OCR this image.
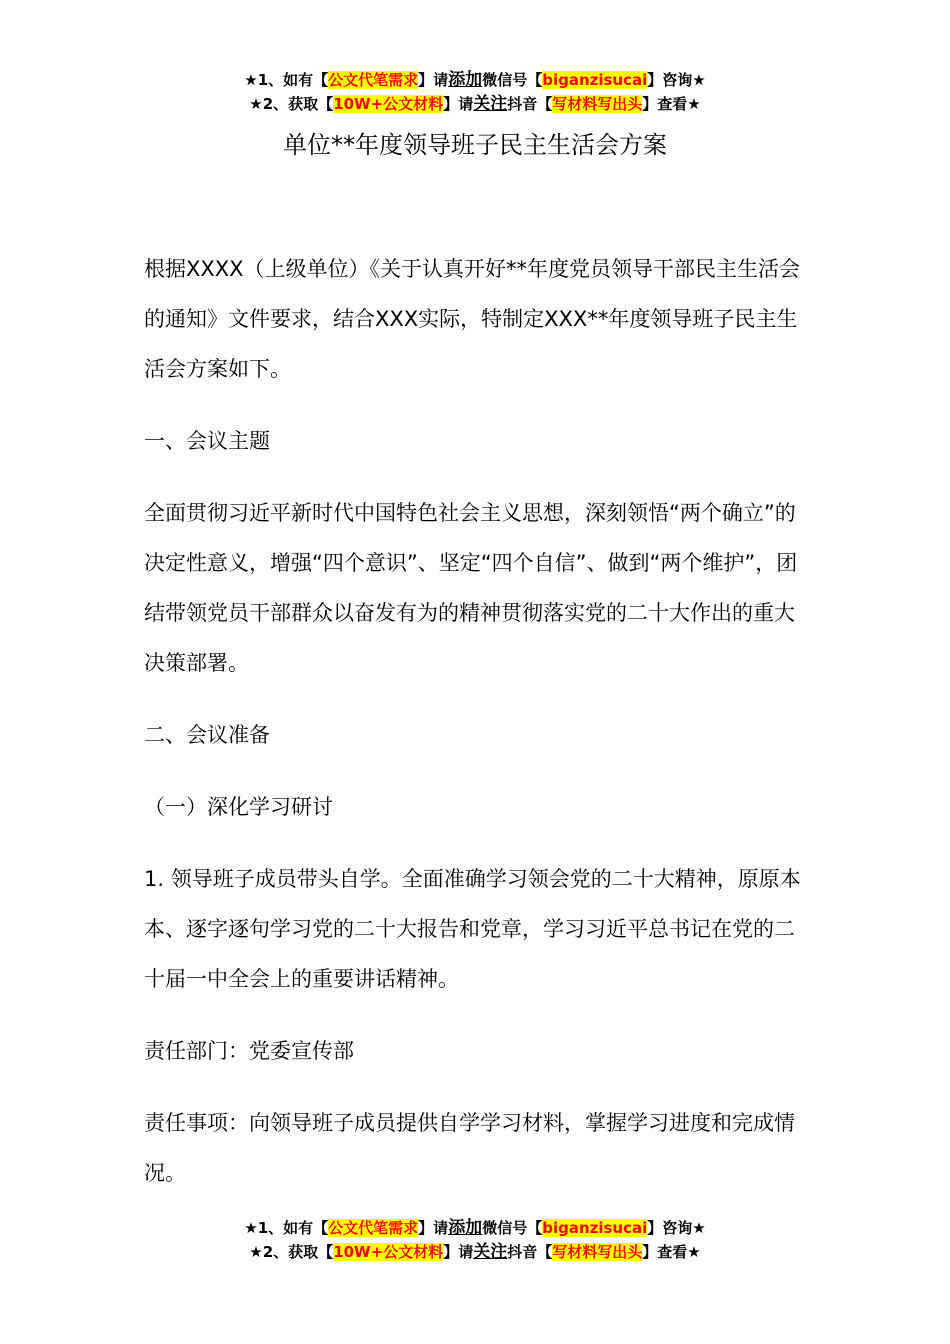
★1、如有【公文代笔需求】请添加微信号【biganzisucai】咨询★
★2、获取【10W+公文材料】请关注抖音【写材料写出头】查看★
单位**年度领导班子民主生活会方案

根据XXXX（上级单位）《关于认真开好**年度党员领导干部民主生活会的通知》文件要求，结合XXX实际，特制定XXX**年度领导班子民主生活会方案如下。

一、会议主题

全面贯彻习近平新时代中国特色社会主义思想，深刻领悟“两个确立”的决定性意义，增强“四个意识”、坚定“四个自信”、做到“两个维护”，团结带领党员干部群众以奋发有为的精神贯彻落实党的二十大作出的重大决策部署。

二、会议准备

（一）深化学习研讨

1. 领导班子成员带头自学。全面准确学习领会党的二十大精神，原原本本、逐字逐句学习党的二十大报告和党章，学习习近平总书记在党的二十届一中全会上的重要讲话精神。

责任部门：党委宣传部

责任事项：向领导班子成员提供自学学习材料，掌握学习进度和完成情况。

★1、如有【公文代笔需求】请添加微信号【biganzisucai】咨询★
★2、获取【10W+公文材料】请关注抖音【写材料写出头】查看★
